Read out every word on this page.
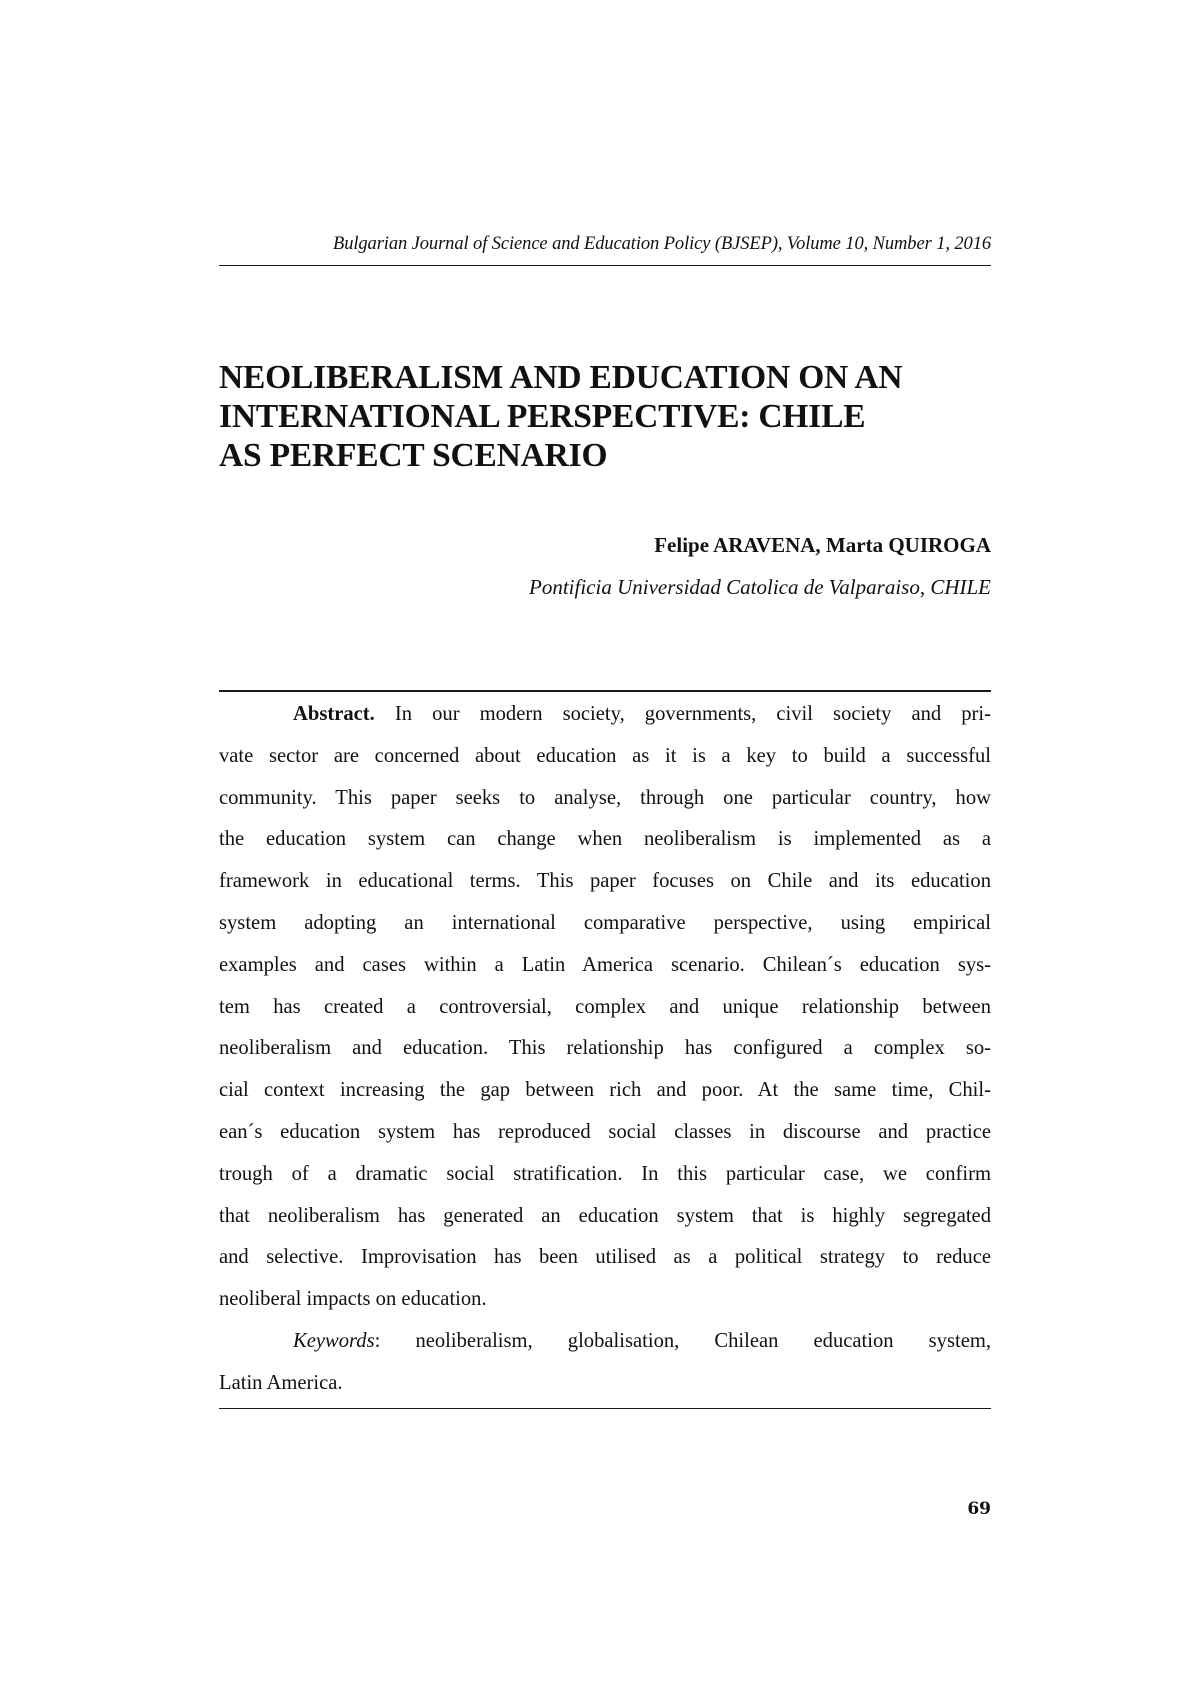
Bulgarian Journal of Science and Education Policy (BJSEP), Volume 10, Number 1, 2016
NEOLIBERALISM AND EDUCATION ON AN
INTERNATIONAL PERSPECTIVE: CHILE
AS PERFECT SCENARIO
Felipe ARAVENA, Marta QUIROGA
Pontificia Universidad Catolica de Valparaiso, CHILE
Abstract. In our modern society, governments, civil society and pri-
vate sector are concerned about education as it is a key to build a successful
community. This paper seeks to analyse, through one particular country, how
the education system can change when neoliberalism is implemented as a
framework in educational terms. This paper focuses on Chile and its education
system adopting an international comparative perspective, using empirical
examples and cases within a Latin America scenario. Chilean´s education sys-
tem has created a controversial, complex and unique relationship between
neoliberalism and education. This relationship has configured a complex so-
cial context increasing the gap between rich and poor. At the same time, Chil-
ean´s education system has reproduced social classes in discourse and practice
trough of a dramatic social stratification. In this particular case, we confirm
that neoliberalism has generated an education system that is highly segregated
and selective. Improvisation has been utilised as a political strategy to reduce
neoliberal impacts on education.
Keywords: neoliberalism, globalisation, Chilean education system,
Latin America.
69
